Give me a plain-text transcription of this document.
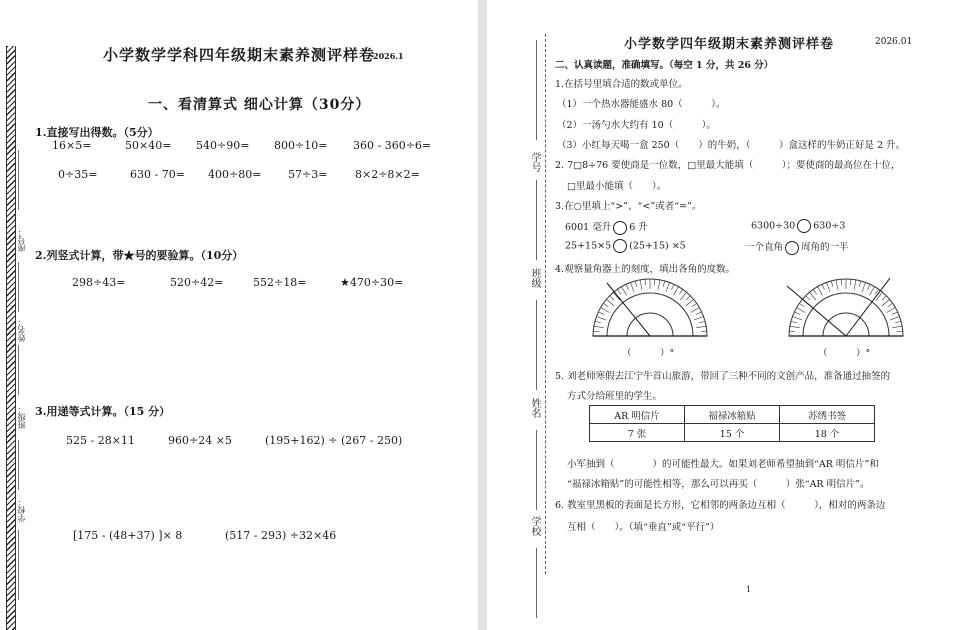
座号：
姓名：
班级：
学校：
小学数学学科四年级期末素养测评样卷
2026.1
一、看清算式 细心计算（30分）
1.直接写出得数。（5分）
16×5=	50×40= 540÷90= 800÷10= 360 - 360÷6=
0÷35=	630 - 70= 400÷80= 57÷3=	8×2÷8×2=
2.列竖式计算，带★号的要验算。（10分）
298÷43=	520÷42=	552÷18=	★470÷30=
3.用递等式计算。（15 分）
525 - 28×11	960÷24 ×5	(195+162) ÷ (267 - 250)
[175 - (48+37) ]× 8	(517 - 293) ÷32×46
学号
班级
姓名
学校
小学数学四年级期末素养测评样卷	2026.01
二、认真读题，准确填写。（每空 1 分，共 26 分）
1.在括号里填合适的数或单位。
（1）一个热水器能盛水 80（　　　）。
（2）一汤勺水大约有 10（　　　）。
（3）小红每天喝一盒 250（　　）的牛奶，（　　　）盒这样的牛奶正好是 2 升。
2. 7□8÷76 要使商是一位数，□里最大能填（　　　）；要使商的最高位在十位，
□里最小能填（　　）。
3.在○里填上“>”、“<”或者“=”。
6001 毫升 6 升	6300÷30 630÷3
25+15×5 (25+15) ×5	一个直角 周角的一半
4.观察量角器上的刻度，填出各角的度数。
（　　　）°	（　　　）°
5. 刘老师寒假去江宁牛首山旅游，带回了三种不同的文创产品，准备通过抽签的
方式分给班里的学生。
AR 明信片	福禄冰箱贴	苏绣书签
7 张	15 个	18 个
小军抽到（　　　　）的可能性最大。如果刘老师希望抽到“AR 明信片”和
“福禄冰箱贴”的可能性相等，那么可以再买（　　　）张“AR 明信片”。
6. 教室里黑板的表面是长方形，它相邻的两条边互相（　　　），相对的两条边
互相（　　）。（填“垂直”或“平行”）
1
